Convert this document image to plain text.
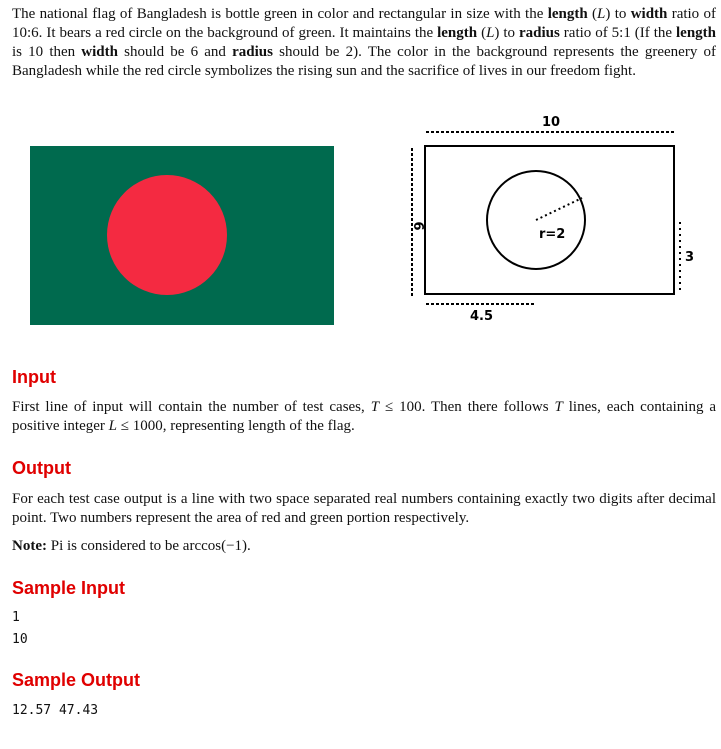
The national flag of Bangladesh is bottle green in color and rectangular in size with the length (L) to width ratio of 10:6. It bears a red circle on the background of green. It maintains the length (L) to radius ratio of 5:1 (If the length is 10 then width should be 6 and radius should be 2). The color in the background represents the greenery of Bangladesh while the red circle symbolizes the rising sun and the sacrifice of lives in our freedom fight.

10
6
r=2
3
4.5
Input

First line of input will contain the number of test cases, T ≤ 100. Then there follows T lines, each containing a positive integer L ≤ 1000, representing length of the flag.

Output

For each test case output is a line with two space separated real numbers containing exactly two digits after decimal point. Two numbers represent the area of red and green portion respectively.

Note: Pi is considered to be arccos(−1).

Sample Input
1
10
Sample Output
12.57 47.43
